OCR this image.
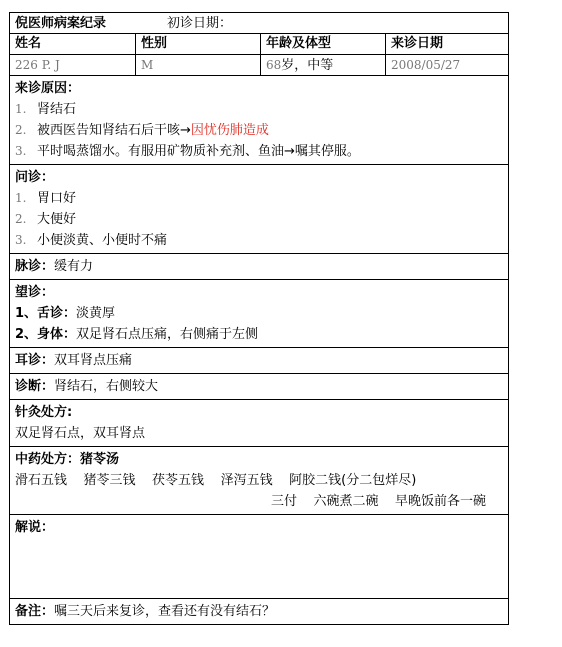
倪医师病案纪录	初诊日期：
姓名	性别	年龄及体型	来诊日期
226 P. J	M	68岁，中等	2008/05/27
来诊原因：
1. 肾结石
2. 被西医告知肾结石后干咳→ 因忧伤肺造成
3. 平时喝蒸馏水。有服用矿物质补充剂、鱼油→嘱其停服。
问诊：
1. 胃口好
2. 大便好
3. 小便淡黄、小便时不痛
脉诊：缓有力
望诊：
1、舌诊：淡黄厚
2、身体：双足肾石点压痛，右侧痛于左侧
耳诊：双耳肾点压痛
诊断：肾结石，右侧较大
针灸处方:
双足肾石点，双耳肾点
中药处方：猪苓汤
滑石五钱    猪苓三钱    茯苓五钱    泽泻五钱    阿胶二钱(分二包烊尽)
三付    六碗煮二碗    早晚饭前各一碗
解说：
备注：嘱三天后来复诊，查看还有没有结石？
